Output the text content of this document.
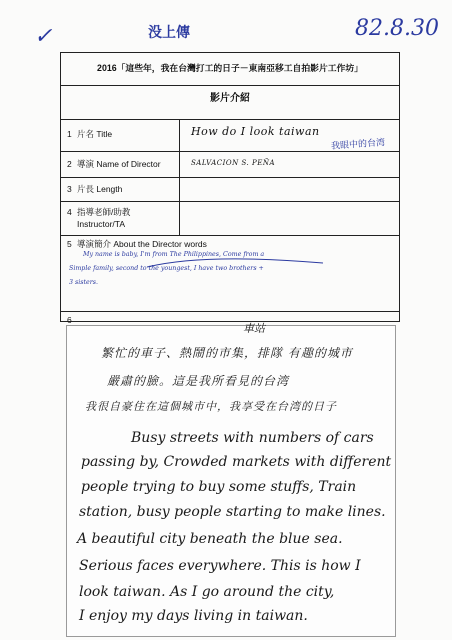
✓	没上傳	82.8.30
2016「這些年，我在台灣打工的日子－東南亞移工自拍影片工作坊」
影片介紹
1 片名 Title	How do I look taiwan
我眼中的台湾
2 導演 Name of Director	SALVACION S. PEÑA
3 片長 Length
4 指導老師/助教
Instructor/TA
5 導演簡介 About the Director words
My name is baby, I'm from The Philippines, Come from a
Simple family, second to the youngest, I have two brothers +
3 sisters.
6
車站
繁忙的車子、熱鬧的市集，排隊 有趣的城市
嚴肅的臉。這是我所看見的台湾
我很自豪住在這個城市中，我享受在台湾的日子
Busy streets with numbers of cars
passing by, Crowded markets with different
people trying to buy some stuffs, Train
station, busy people starting to make lines.
A beautiful city beneath the blue sea.
Serious faces everywhere. This is how I
look taiwan. As I go around the city,
I enjoy my days living in taiwan.
